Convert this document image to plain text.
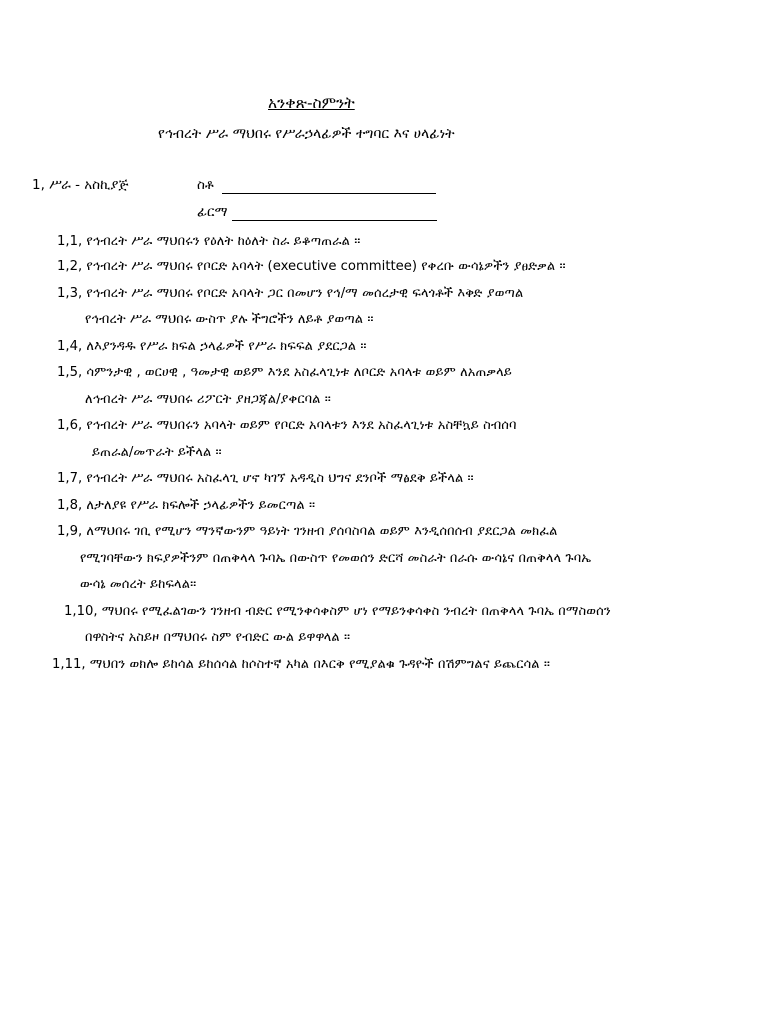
አንቀጽ-ስምንት
የኅብረት ሥራ ማህበሩ የሥራኃላፊዎች ተግባር እና ሀላፊነት
1, ሥራ - አስኪያጅ	ስቶ
ፊርማ
1,1, የኅብረት ሥራ ማህበሩን የዕለት ከዕለት ስራ ይቆጣጠራል ።
1,2, የኅብረት ሥራ ማህበሩ የቦርድ አባላት (executive committee) የቀረቡ ውሳኔዎችን ያፀድቃል ።
1,3, የኅብረት ሥራ ማህበሩ የቦርድ አባላት ጋር በመሆን የኅ/ማ መሰረታዊ ፍላጎቶች እቅድ ያወጣል
የኅብረት ሥራ ማህበሩ ውስጥ ያሉ ችግሮችን ለይቶ ያወጣል ።
1,4, ለእያንዳዱ የሥራ ክፍል ኃላፊዎች የሥራ ክፍፍል ያደርጋል ።
1,5, ሳምንታዊ , ወርሀዊ , ዓመታዊ ወይም እንደ አስፈላጊነቱ ለቦርድ አባላቱ ወይም ለአጠቃላይ
ለኅብረት ሥራ ማህበሩ ሪፖርት ያዘጋጃል/ያቀርባል ።
1,6, የኅብረት ሥራ ማህበሩን አባላት ወይም የቦርድ አባላቱን እንደ አስፈላጊነቱ አስቸኳይ ስብሰባ
ይጠራል/መጥራት ይችላል ።
1,7, የኅብረት ሥራ ማህበሩ አስፈላጊ ሆኖ ካገኘ አዳዲስ ህግና ደንቦች ማፅደቅ ይችላል ።
1,8, ለታለያዩ የሥራ ክፍሎች ኃላፊዎችን ይመርጣል ።
1,9, ለማህበሩ ገቢ የሚሆን ማንኛውንም ዓይነት ገንዘብ ያሰባስባል ወይም እንዲሰበሰብ ያደርጋል መክፈል
የሚገባቸውን ክፍያዎችንም በጠቅላላ ጉባኤ በውስጥ የመወሰን ድርሻ መስራት በራሱ ውሳኔና በጠቅላላ ጉባኤ
ውሳኔ መሰረት ይከፍላል።
1,10, ማህበሩ የሚፈልገውን ገንዘብ ብድር የሚንቀሳቀስም ሆነ የማይንቀሳቀስ ንብረት በጠቅላላ ጉባኤ በማስወሰን
በዋስትና አስይዞ በማህበሩ ስም የብድር ውል ይዋዋላል ።
1,11, ማህበን ወክሎ ይከሳል ይከሰሳል ከሶስተኛ አካል በእርቅ የሚያልቁ ጉዳዮች በሽምግልና ይጨርሳል ።
